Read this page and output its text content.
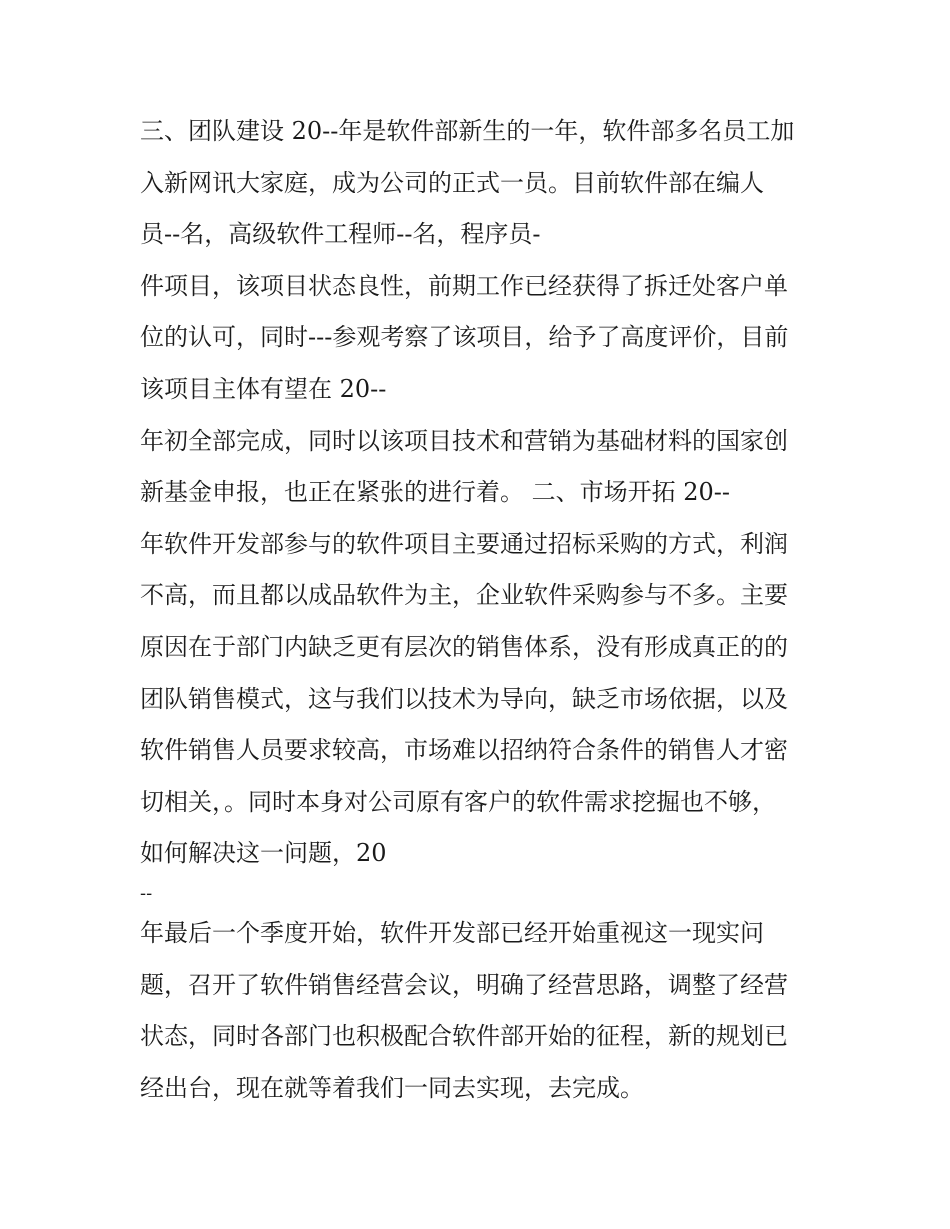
三、团队建设 20--年是软件部新生的一年，软件部多名员工加
入新网讯大家庭，成为公司的正式一员。目前软件部在编人
员--名，高级软件工程师--名，程序员-
件项目，该项目状态良性，前期工作已经获得了拆迁处客户单
位的认可，同时---参观考察了该项目，给予了高度评价，目前
该项目主体有望在 20--
年初全部完成，同时以该项目技术和营销为基础材料的国家创
新基金申报，也正在紧张的进行着。 二、市场开拓 20--
年软件开发部参与的软件项目主要通过招标采购的方式，利润
不高，而且都以成品软件为主，企业软件采购参与不多。主要
原因在于部门内缺乏更有层次的销售体系，没有形成真正的的
团队销售模式，这与我们以技术为导向，缺乏市场依据，以及
软件销售人员要求较高，市场难以招纳符合条件的销售人才密
切相关，。同时本身对公司原有客户的软件需求挖掘也不够，
如何解决这一问题，20
--
年最后一个季度开始，软件开发部已经开始重视这一现实问
题，召开了软件销售经营会议，明确了经营思路，调整了经营
状态，同时各部门也积极配合软件部开始的征程，新的规划已
经出台，现在就等着我们一同去实现，去完成。
